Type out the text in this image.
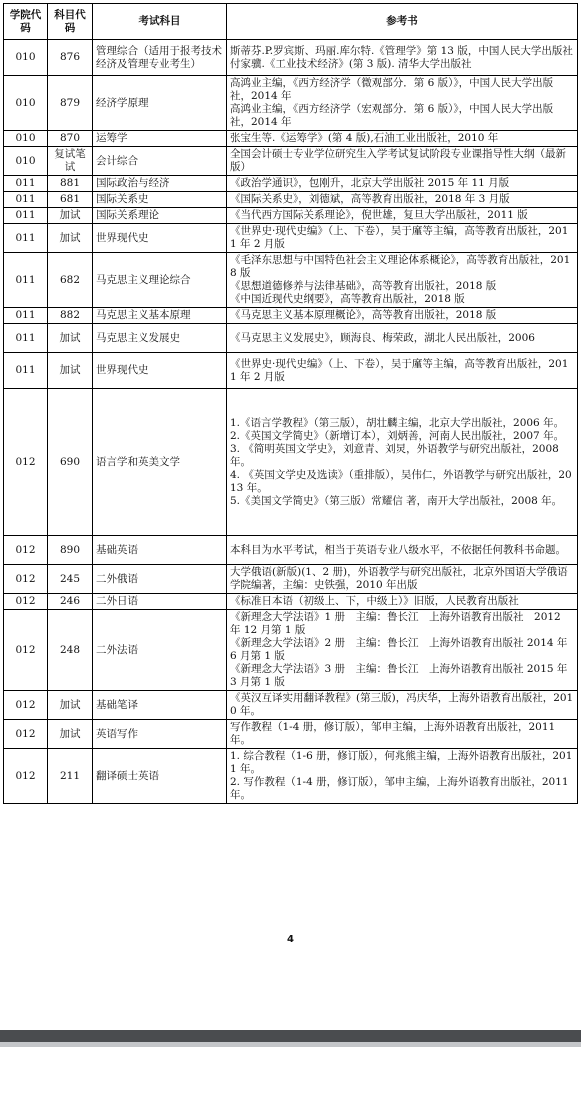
学院代码	科目代码	考试科目	参考书
010	876	管理综合（适用于报考技术经济及管理专业考生）	斯蒂芬.P.罗宾斯、玛丽.库尔特.《管理学》第 13 版，中国人民大学出版社
付家骥.《工业技术经济》(第 3 版). 清华大学出版社

010	879	经济学原理	高鸿业主编，《西方经济学（微观部分．第 6 版）》，中国人民大学出版社，2014 年
高鸿业主编，《西方经济学（宏观部分．第 6 版）》，中国人民大学出版社，2014 年

010	870	运筹学	张宝生等.《运筹学》(第 4 版),石油工业出版社，2010 年

010	复试笔试	会计综合	全国会计硕士专业学位研究生入学考试复试阶段专业课指导性大纲（最新版）

011	881	国际政治与经济	《政治学通识》，包刚升，北京大学出版社 2015 年 11 月版

011	681	国际关系史	《国际关系史》，刘德斌，高等教育出版社，2018 年 3 月版

011	加试	国际关系理论	《当代西方国际关系理论》，倪世雄，复旦大学出版社，2011 版

011	加试	世界现代史	《世界史·现代史编》（上、下卷），吴于廑等主编，高等教育出版社，2011 年 2 月版

011	682	马克思主义理论综合	《毛泽东思想与中国特色社会主义理论体系概论》，高等教育出版社，2018 版
《思想道德修养与法律基础》，高等教育出版社，2018 版
《中国近现代史纲要》，高等教育出版社，2018 版

011	882	马克思主义基本原理	《马克思主义基本原理概论》，高等教育出版社，2018 版

011	加试	马克思主义发展史	《马克思主义发展史》，顾海良、梅荣政，湖北人民出版社，2006

011	加试	世界现代史	《世界史·现代史编》（上、下卷），吴于廑等主编，高等教育出版社，2011 年 2 月版

012	690	语言学和英美文学	1.《语言学教程》（第三版），胡壮麟主编，北京大学出版社，2006 年。
2.《英国文学简史》（新增订本），刘炳善，河南人民出版社，2007 年。
3. 《简明英国文学史》，刘意青、刘炅，外语教学与研究出版社，2008 年。
4. 《英国文学史及选读》（重排版），吴伟仁，外语教学与研究出版社，2013 年。
5.《美国文学简史》（第三版）常耀信 著，南开大学出版社，2008 年。

012	890	基础英语	本科目为水平考试，相当于英语专业八级水平，不依据任何教科书命题。

012	245	二外俄语	大学俄语(新版)(1、2 册)，外语教学与研究出版社，北京外国语大学俄语学院编著，主编：史铁强，2010 年出版

012	246	二外日语	《标准日本语（初级上、下，中级上）》旧版，人民教育出版社

012	248	二外法语	《新理念大学法语》1 册　主编：鲁长江　上海外语教育出版社　2012 年 12 月第 1 版
《新理念大学法语》2 册　主编：鲁长江　上海外语教育出版社 2014 年 6 月第 1 版
《新理念大学法语》3 册　主编：鲁长江　上海外语教育出版社 2015 年 3 月第 1 版

012	加试	基础笔译	《英汉互译实用翻译教程》(第三版)，冯庆华，上海外语教育出版社，2010 年。

012	加试	英语写作	写作教程（1-4 册，修订版），邹申主编，上海外语教育出版社，2011 年。

012	211	翻译硕士英语	1. 综合教程（1-6 册，修订版），何兆熊主编，上海外语教育出版社，2011 年。
2. 写作教程（1-4 册，修订版），邹申主编，上海外语教育出版社，2011 年。
4
